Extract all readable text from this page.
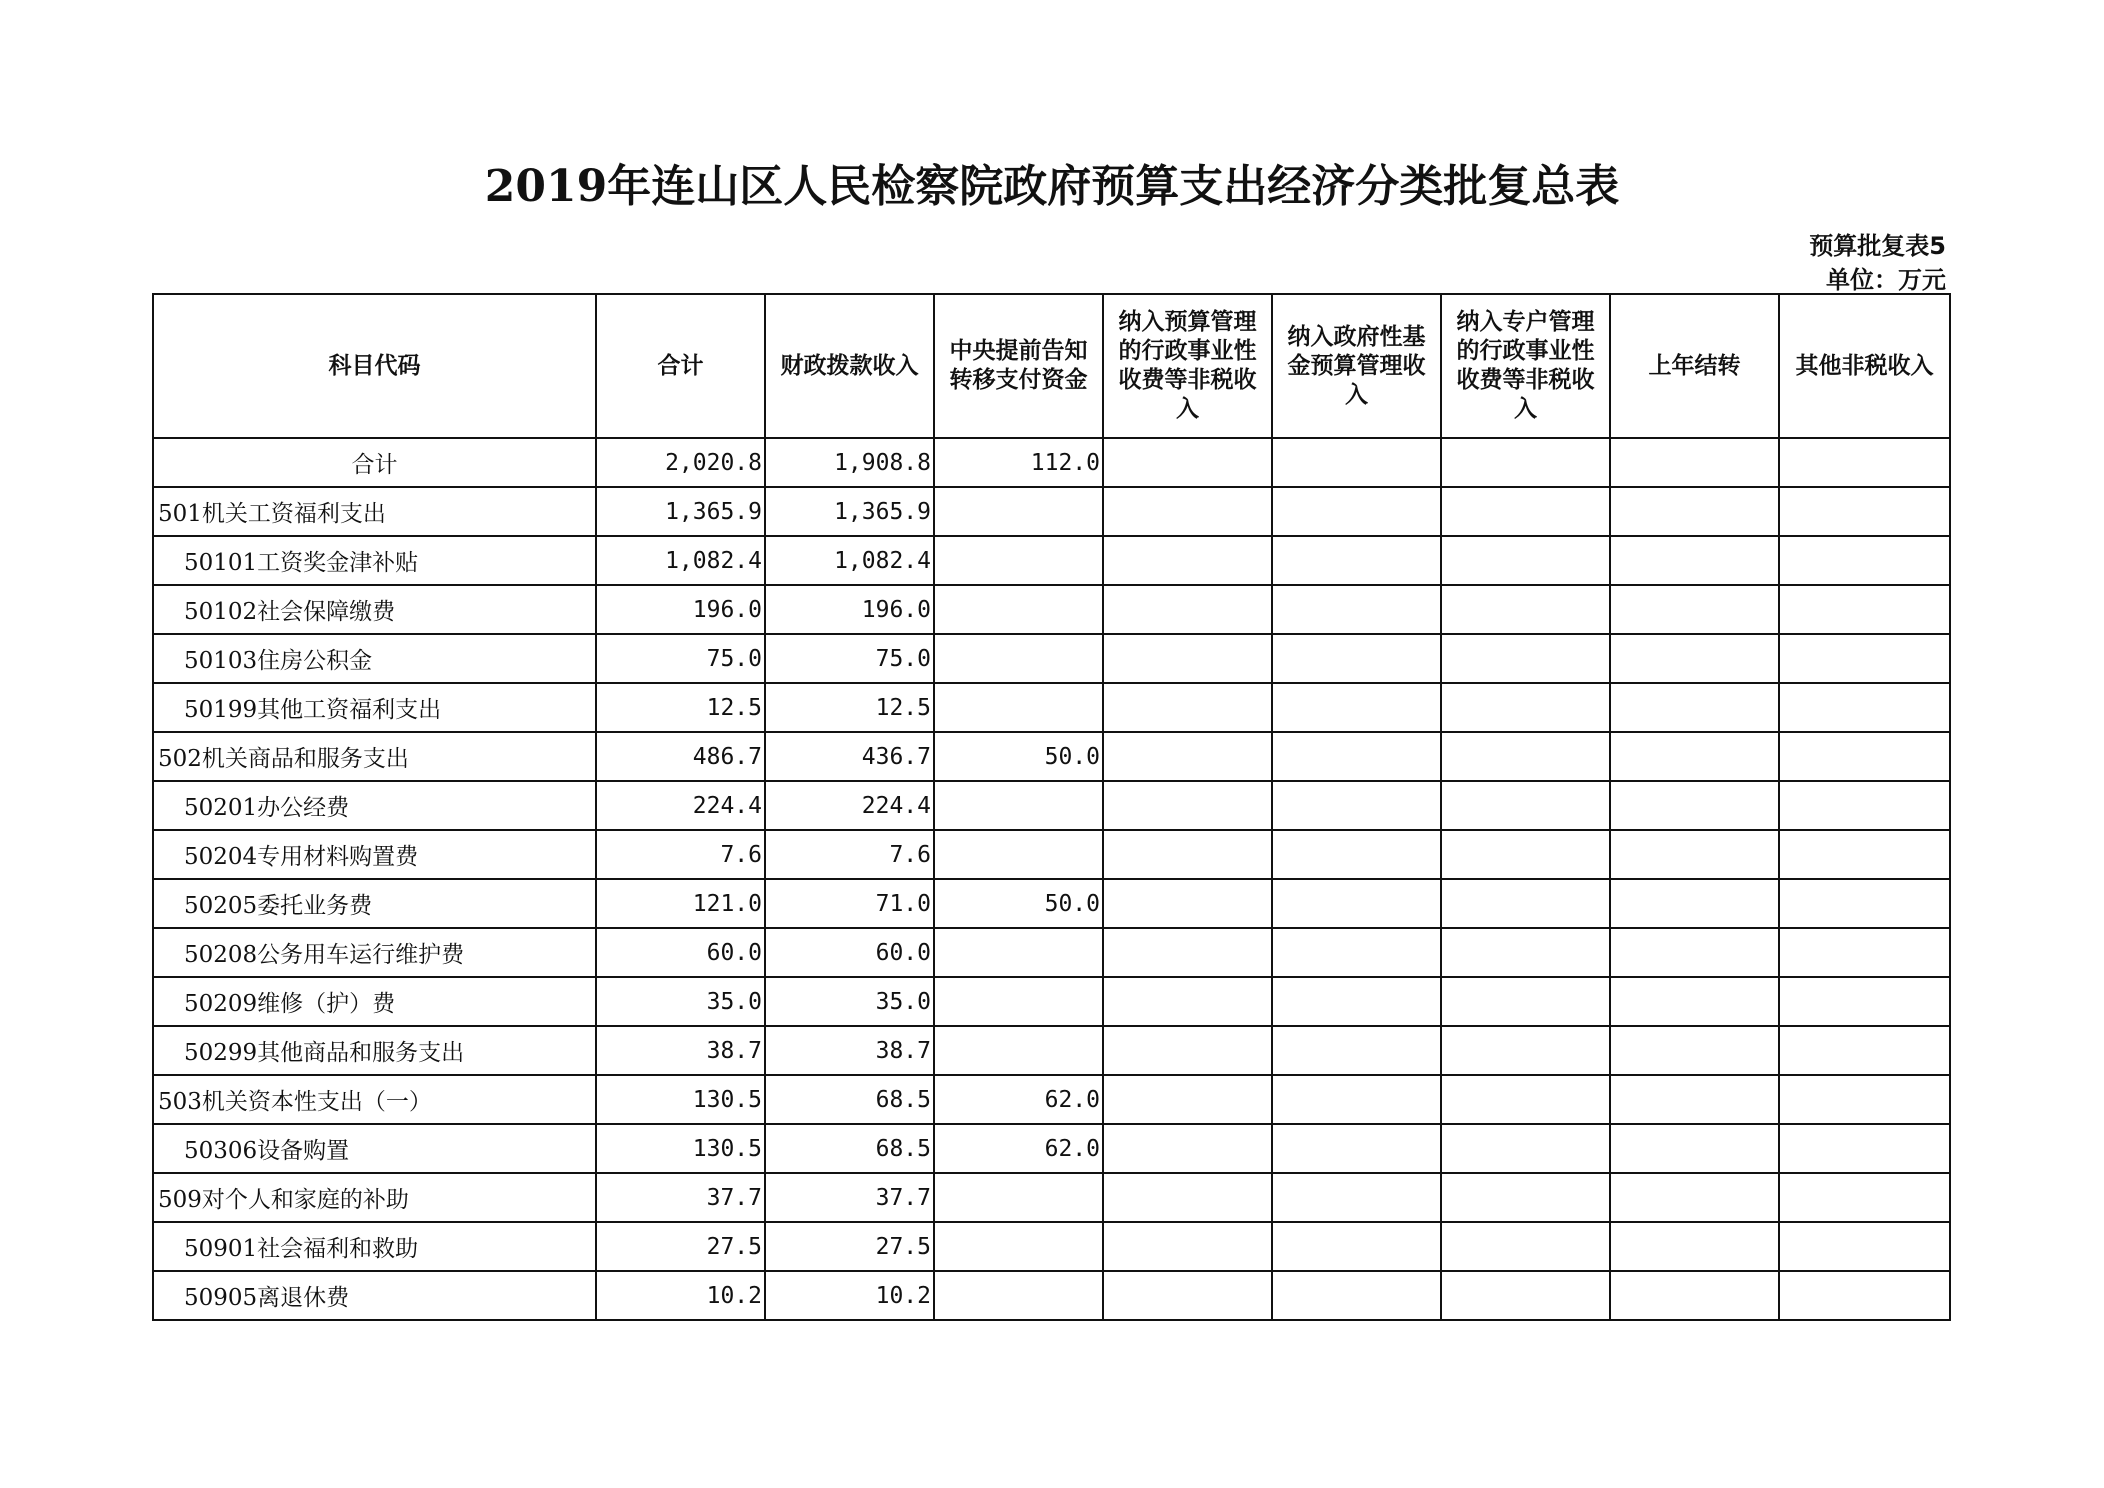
2019年连山区人民检察院政府预算支出经济分类批复总表
预算批复表5
单位：万元
科目代码	合计	财政拨款收入	中央提前告知转移支付资金	纳入预算管理的行政事业性收费等非税收入	纳入政府性基金预算管理收入	纳入专户管理的行政事业性收费等非税收入	上年结转	其他非税收入
合计	2,020.8	1,908.8	112.0					
501机关工资福利支出	1,365.9	1,365.9						
50101工资奖金津补贴	1,082.4	1,082.4						
50102社会保障缴费	196.0	196.0						
50103住房公积金	75.0	75.0						
50199其他工资福利支出	12.5	12.5						
502机关商品和服务支出	486.7	436.7	50.0					
50201办公经费	224.4	224.4						
50204专用材料购置费	7.6	7.6						
50205委托业务费	121.0	71.0	50.0					
50208公务用车运行维护费	60.0	60.0						
50209维修（护）费	35.0	35.0						
50299其他商品和服务支出	38.7	38.7						
503机关资本性支出（一）	130.5	68.5	62.0					
50306设备购置	130.5	68.5	62.0					
509对个人和家庭的补助	37.7	37.7						
50901社会福利和救助	27.5	27.5						
50905离退休费	10.2	10.2						
